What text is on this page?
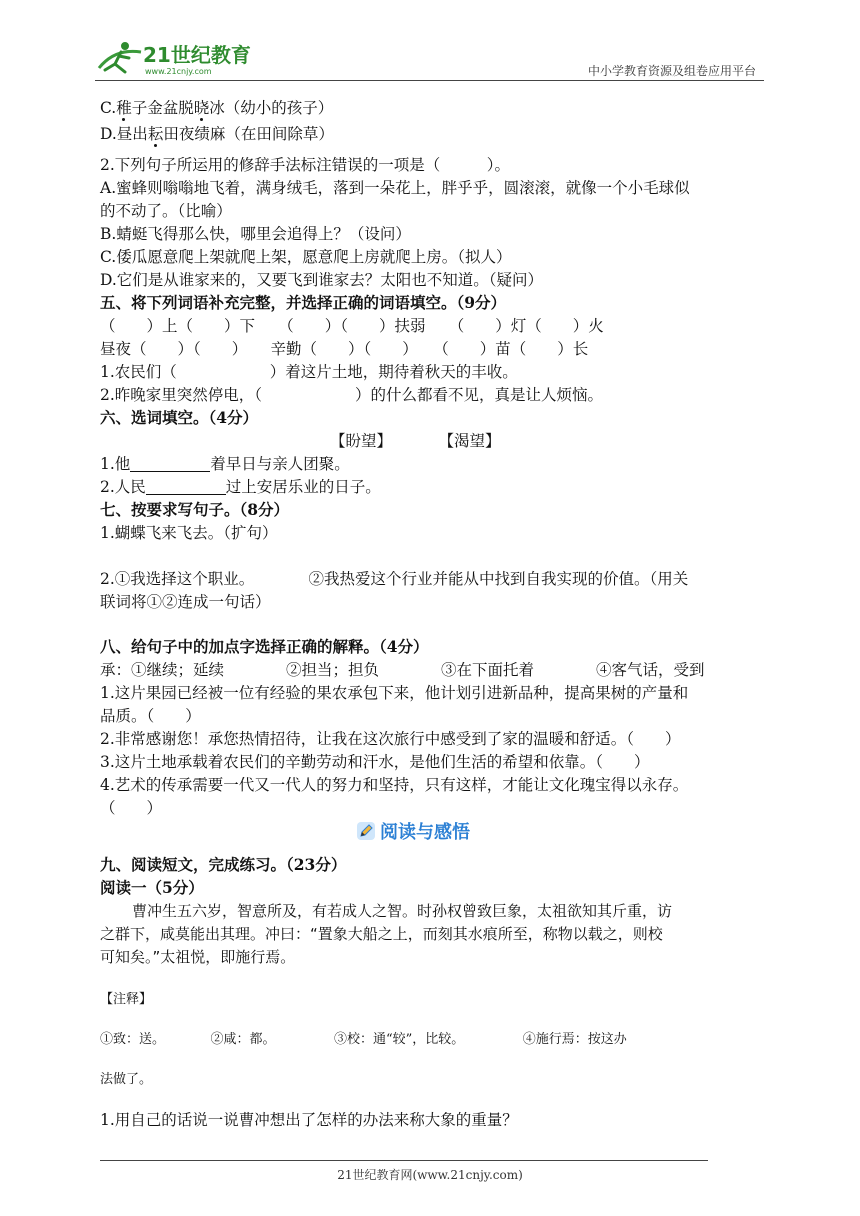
21世纪教育
www.21cnjy.com	中小学教育资源及组卷应用平台
C.稚子金盆脱晓冰（幼小的孩子）
D.昼出耘田夜绩麻（在田间除草）
2.下列句子所运用的修辞手法标注错误的一项是（　　　）。
A.蜜蜂则嗡嗡地飞着，满身绒毛，落到一朵花上，胖乎乎，圆滚滚，就像一个小毛球似
的不动了。（比喻）
B.蜻蜓飞得那么快，哪里会追得上？（设问）
C.倭瓜愿意爬上架就爬上架，愿意爬上房就爬上房。（拟人）
D.它们是从谁家来的，又要飞到谁家去？太阳也不知道。（疑问）
五、将下列词语补充完整，并选择正确的词语填空。（9分）
（　　）上（　　）下　　（　　）（　　）扶弱　　（　　）灯（　　）火
昼夜（　　）（　　）　　辛勤（　　）（　　）　　（　　）苗（　　）长
1.农民们（　　　　　　）着这片土地，期待着秋天的丰收。
2.昨晚家里突然停电，（　　　　　　）的什么都看不见，真是让人烦恼。
六、选词填空。（4分）
【盼望】　　　　【渴望】
1.他	着早日与亲人团聚。
2.人民	过上安居乐业的日子。
七、按要求写句子。（8分）
1.蝴蝶飞来飞去。（扩句）
2.①我选择这个职业。　　　　②我热爱这个行业并能从中找到自我实现的价值。（用关
联词将①②连成一句话）
八、给句子中的加点字选择正确的解释。（4分）
承：①继续；延续　　　　②担当；担负　　　　③在下面托着　　　　④客气话，受到
1.这片果园已经被一位有经验的果农承包下来，他计划引进新品种，提高果树的产量和
品质。（　　）
2.非常感谢您！承您热情招待，让我在这次旅行中感受到了家的温暖和舒适。（　　）
3.这片土地承载着农民们的辛勤劳动和汗水，是他们生活的希望和依靠。（　　）
4.艺术的传承需要一代又一代人的努力和坚持，只有这样，才能让文化瑰宝得以永存。
（　　）
阅读与感悟
九、阅读短文，完成练习。（23分）
阅读一（5分）
曹冲生五六岁，智意所及，有若成人之智。时孙权曾致巨象，太祖欲知其斤重，访
之群下，咸莫能出其理。冲曰：“置象大船之上，而刻其水痕所至，称物以载之，则校
可知矣。”太祖悦，即施行焉。
【注释】
①致：送。　　　　②咸：都。　　　　　③校：通“较”，比较。　　　　　④施行焉：按这办
法做了。
1.用自己的话说一说曹冲想出了怎样的办法来称大象的重量？
21世纪教育网(www.21cnjy.com)
